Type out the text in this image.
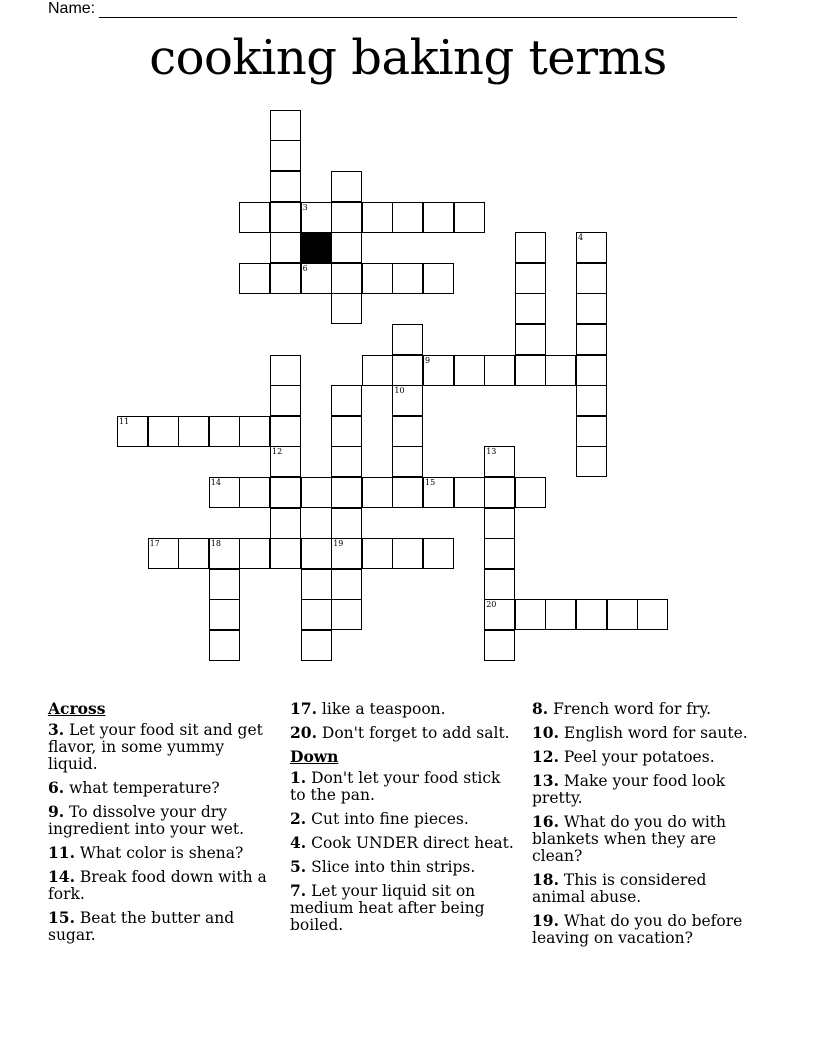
Name:
cooking baking terms
3
4
6
9
10
11
12	13
14	15
17	18	19
20
Across
3. Let your food sit and get flavor, in some yummy liquid.
6. what temperature?
9. To dissolve your dry ingredient into your wet.
11. What color is shena?
14. Break food down with a fork.
15. Beat the butter and sugar.
17. like a teaspoon.
20. Don't forget to add salt.
Down
1. Don't let your food stick to the pan.
2. Cut into fine pieces.
4. Cook UNDER direct heat.
5. Slice into thin strips.
7. Let your liquid sit on medium heat after being boiled.
8. French word for fry.
10. English word for saute.
12. Peel your potatoes.
13. Make your food look pretty.
16. What do you do with blankets when they are clean?
18. This is considered animal abuse.
19. What do you do before leaving on vacation?
